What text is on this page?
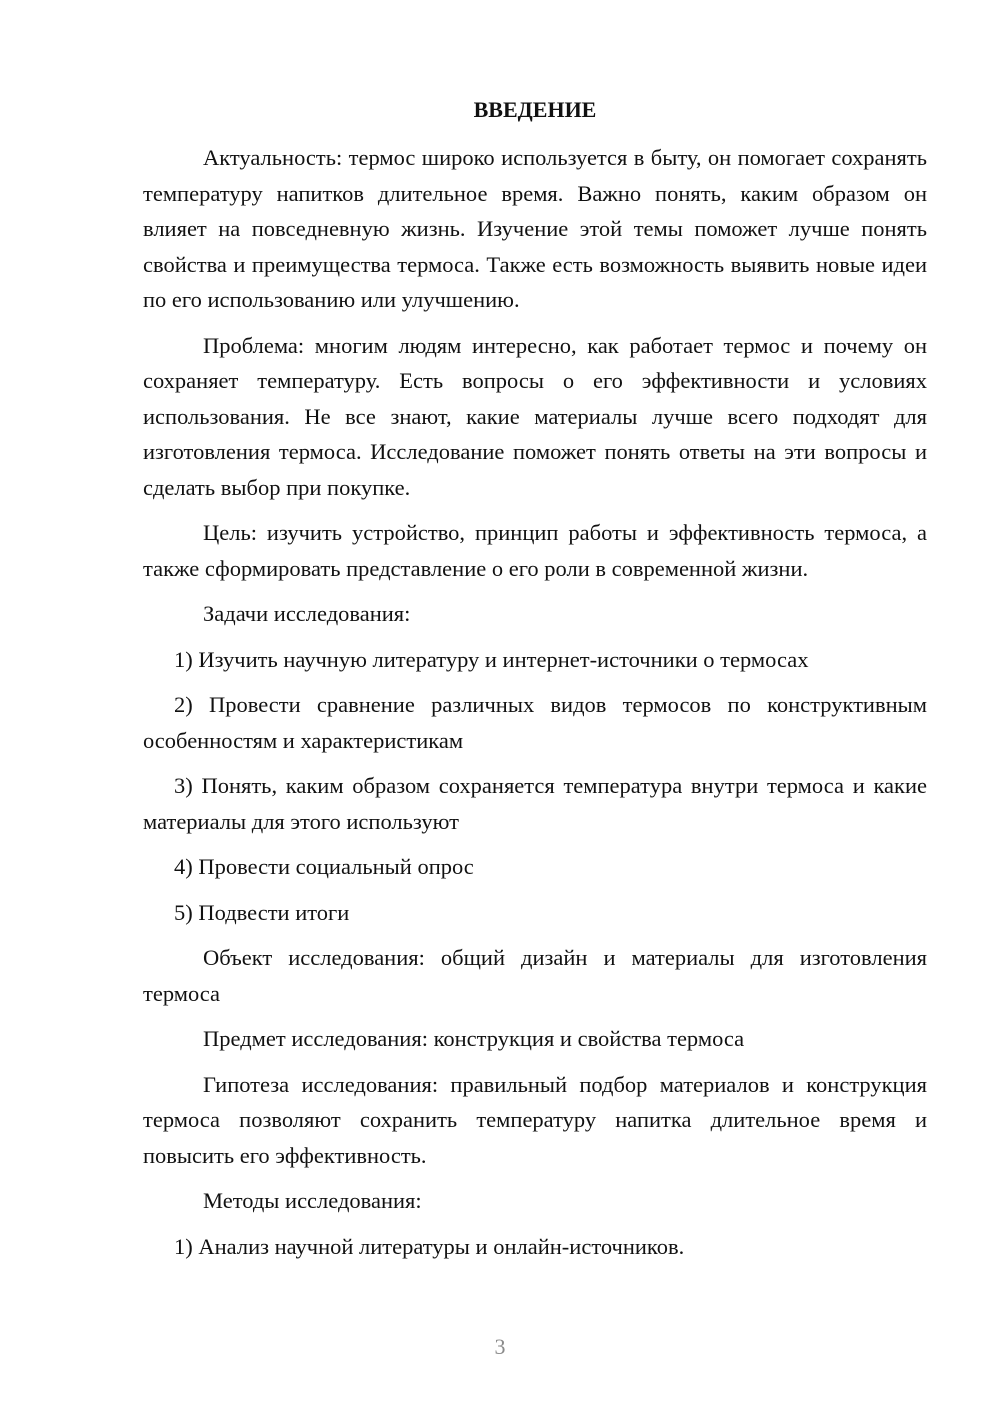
ВВЕДЕНИЕ
Актуальность: термос широко используется в быту, он помогает сохранять температуру напитков длительное время. Важно понять, каким образом он влияет на повседневную жизнь. Изучение этой темы поможет лучше понять свойства и преимущества термоса. Также есть возможность выявить новые идеи по его использованию или улучшению.
Проблема: многим людям интересно, как работает термос и почему он сохраняет температуру. Есть вопросы о его эффективности и условиях использования. Не все знают, какие материалы лучше всего подходят для изготовления термоса. Исследование поможет понять ответы на эти вопросы и сделать выбор при покупке.
Цель: изучить устройство, принцип работы и эффективность термоса, а также сформировать представление о его роли в современной жизни.
Задачи исследования:
1) Изучить научную литературу и интернет-источники о термосах
2) Провести сравнение различных видов термосов по конструктивным особенностям и характеристикам
3) Понять, каким образом сохраняется температура внутри термоса и какие материалы для этого используют
4) Провести социальный опрос
5) Подвести итоги
Объект исследования: общий дизайн и материалы для изготовления термоса
Предмет исследования: конструкция и свойства термоса
Гипотеза исследования: правильный подбор материалов и конструкция термоса позволяют сохранить температуру напитка длительное время и повысить его эффективность.
Методы исследования:
1) Анализ научной литературы и онлайн-источников.
3
